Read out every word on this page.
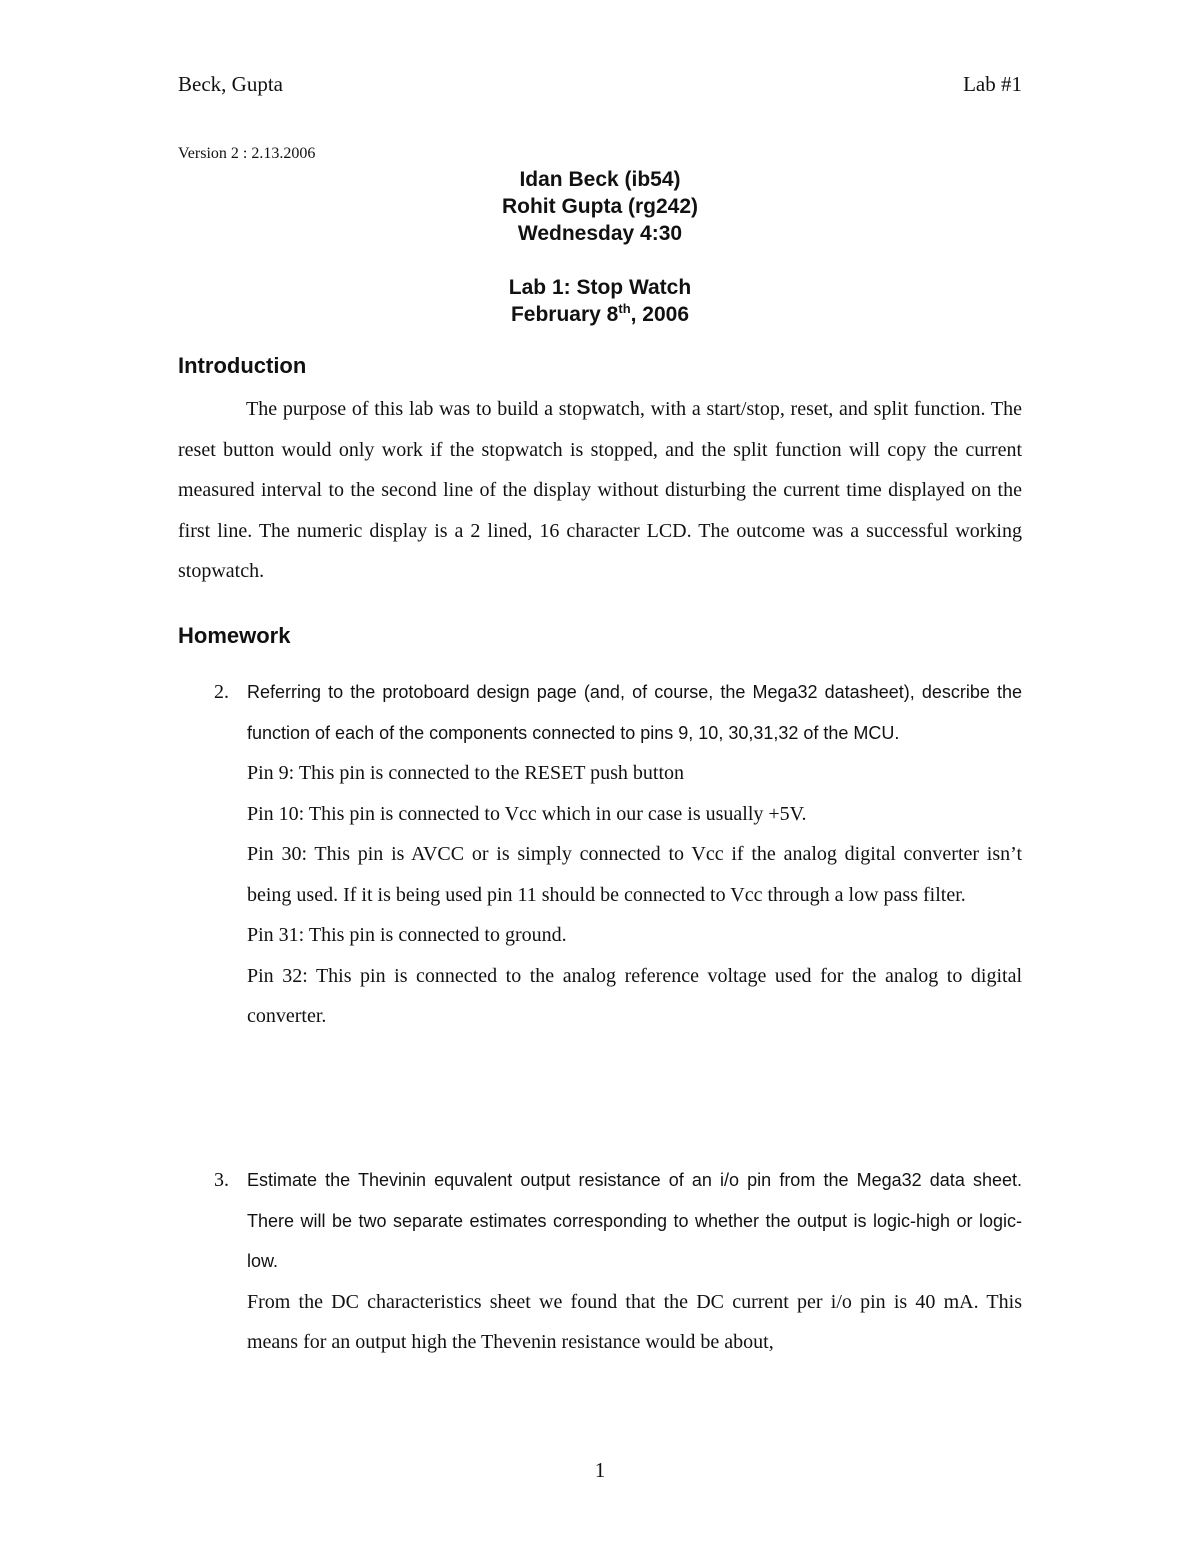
Beck, Gupta	Lab #1
Version 2 : 2.13.2006
Idan Beck (ib54)
Rohit Gupta (rg242)
Wednesday 4:30
Lab 1: Stop Watch
February 8th, 2006
Introduction
The purpose of this lab was to build a stopwatch, with a start/stop, reset, and split function. The reset button would only work if the stopwatch is stopped, and the split function will copy the current measured interval to the second line of the display without disturbing the current time displayed on the first line. The numeric display is a 2 lined, 16 character LCD. The outcome was a successful working stopwatch.
Homework
2. Referring to the protoboard design page (and, of course, the Mega32 datasheet), describe the function of each of the components connected to pins 9, 10, 30,31,32 of the MCU.

Pin 9: This pin is connected to the RESET push button

Pin 10: This pin is connected to Vcc which in our case is usually +5V.

Pin 30: This pin is AVCC or is simply connected to Vcc if the analog digital converter isn’t being used. If it is being used pin 11 should be connected to Vcc through a low pass filter.

Pin 31: This pin is connected to ground.

Pin 32: This pin is connected to the analog reference voltage used for the analog to digital converter.

3. Estimate the Thevinin equvalent output resistance of an i/o pin from the Mega32 data sheet. There will be two separate estimates corresponding to whether the output is logic-high or logic-low.

From the DC characteristics sheet we found that the DC current per i/o pin is 40 mA. This means for an output high the Thevenin resistance would be about,

1
